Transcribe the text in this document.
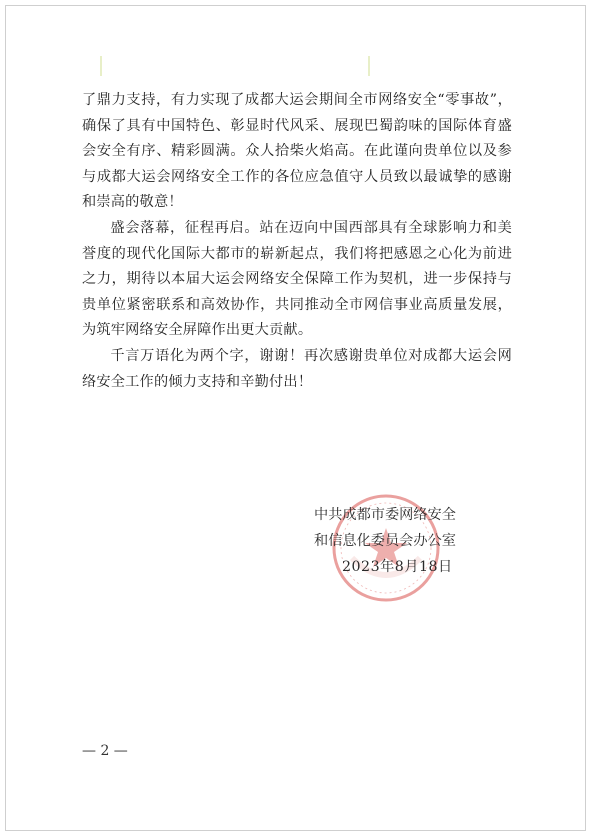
了鼎力支持，有力实现了成都大运会期间全市网络安全“零事故”，确保了具有中国特色、彰显时代风采、展现巴蜀韵味的国际体育盛会安全有序、精彩圆满。众人拾柴火焰高。在此谨向贵单位以及参与成都大运会网络安全工作的各位应急值守人员致以最诚挚的感谢和崇高的敬意！

盛会落幕，征程再启。站在迈向中国西部具有全球影响力和美誉度的现代化国际大都市的崭新起点，我们将把感恩之心化为前进之力，期待以本届大运会网络安全保障工作为契机，进一步保持与贵单位紧密联系和高效协作，共同推动全市网信事业高质量发展，为筑牢网络安全屏障作出更大贡献。

千言万语化为两个字，谢谢！再次感谢贵单位对成都大运会网络安全工作的倾力支持和辛勤付出！

中共成都市委网络安全
和信息化委员会办公室
2023年8月18日
— 2 —
